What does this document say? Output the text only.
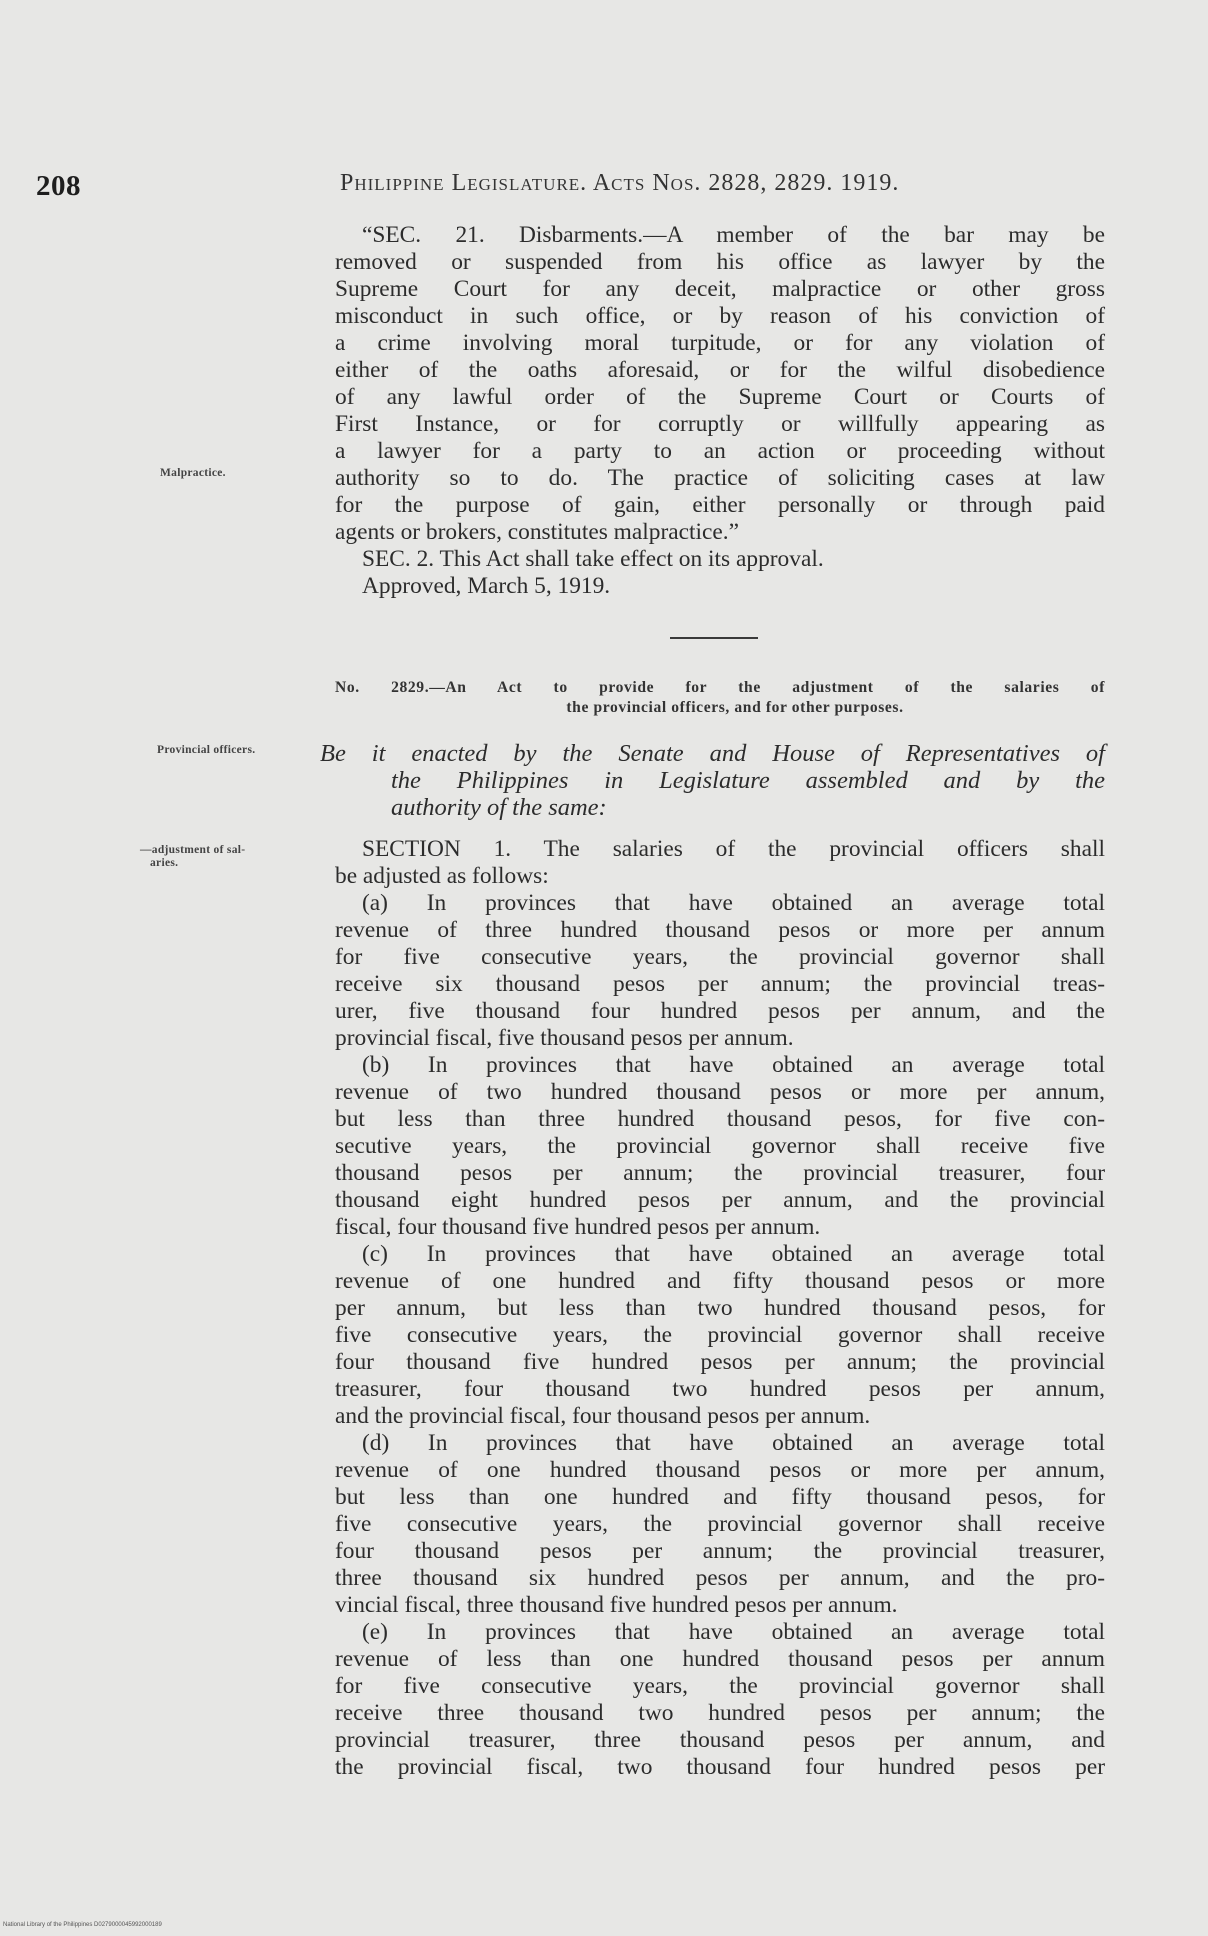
208	Philippine Legislature. Acts Nos. 2828, 2829. 1919.
“SEC. 21. Disbarments.—A member of the bar may be
removed or suspended from his office as lawyer by the
Supreme Court for any deceit, malpractice or other gross
misconduct in such office, or by reason of his conviction of
a crime involving moral turpitude, or for any violation of
either of the oaths aforesaid, or for the wilful disobedience
of any lawful order of the Supreme Court or Courts of
First Instance, or for corruptly or willfully appearing as
a lawyer for a party to an action or proceeding without
authority so to do. The practice of soliciting cases at law
for the purpose of gain, either personally or through paid
agents or brokers, constitutes malpractice.”
SEC. 2. This Act shall take effect on its approval.
Approved, March 5, 1919.
Malpractice.
No. 2829.—An Act to provide for the adjustment of the salaries of
the provincial officers, and for other purposes.
Provincial officers.	Be it enacted by the Senate and House of Representatives of
the Philippines in Legislature assembled and by the
authority of the same:
—adjustment of sal-
aries.
SECTION 1. The salaries of the provincial officers shall
be adjusted as follows:
(a) In provinces that have obtained an average total
revenue of three hundred thousand pesos or more per annum
for five consecutive years, the provincial governor shall
receive six thousand pesos per annum; the provincial treas-
urer, five thousand four hundred pesos per annum, and the
provincial fiscal, five thousand pesos per annum.
(b) In provinces that have obtained an average total
revenue of two hundred thousand pesos or more per annum,
but less than three hundred thousand pesos, for five con-
secutive years, the provincial governor shall receive five
thousand pesos per annum; the provincial treasurer, four
thousand eight hundred pesos per annum, and the provincial
fiscal, four thousand five hundred pesos per annum.
(c) In provinces that have obtained an average total
revenue of one hundred and fifty thousand pesos or more
per annum, but less than two hundred thousand pesos, for
five consecutive years, the provincial governor shall receive
four thousand five hundred pesos per annum; the provincial
treasurer, four thousand two hundred pesos per annum,
and the provincial fiscal, four thousand pesos per annum.
(d) In provinces that have obtained an average total
revenue of one hundred thousand pesos or more per annum,
but less than one hundred and fifty thousand pesos, for
five consecutive years, the provincial governor shall receive
four thousand pesos per annum; the provincial treasurer,
three thousand six hundred pesos per annum, and the pro-
vincial fiscal, three thousand five hundred pesos per annum.
(e) In provinces that have obtained an average total
revenue of less than one hundred thousand pesos per annum
for five consecutive years, the provincial governor shall
receive three thousand two hundred pesos per annum; the
provincial treasurer, three thousand pesos per annum, and
the provincial fiscal, two thousand four hundred pesos per
National Library of the Philippines D0279000045992000189
